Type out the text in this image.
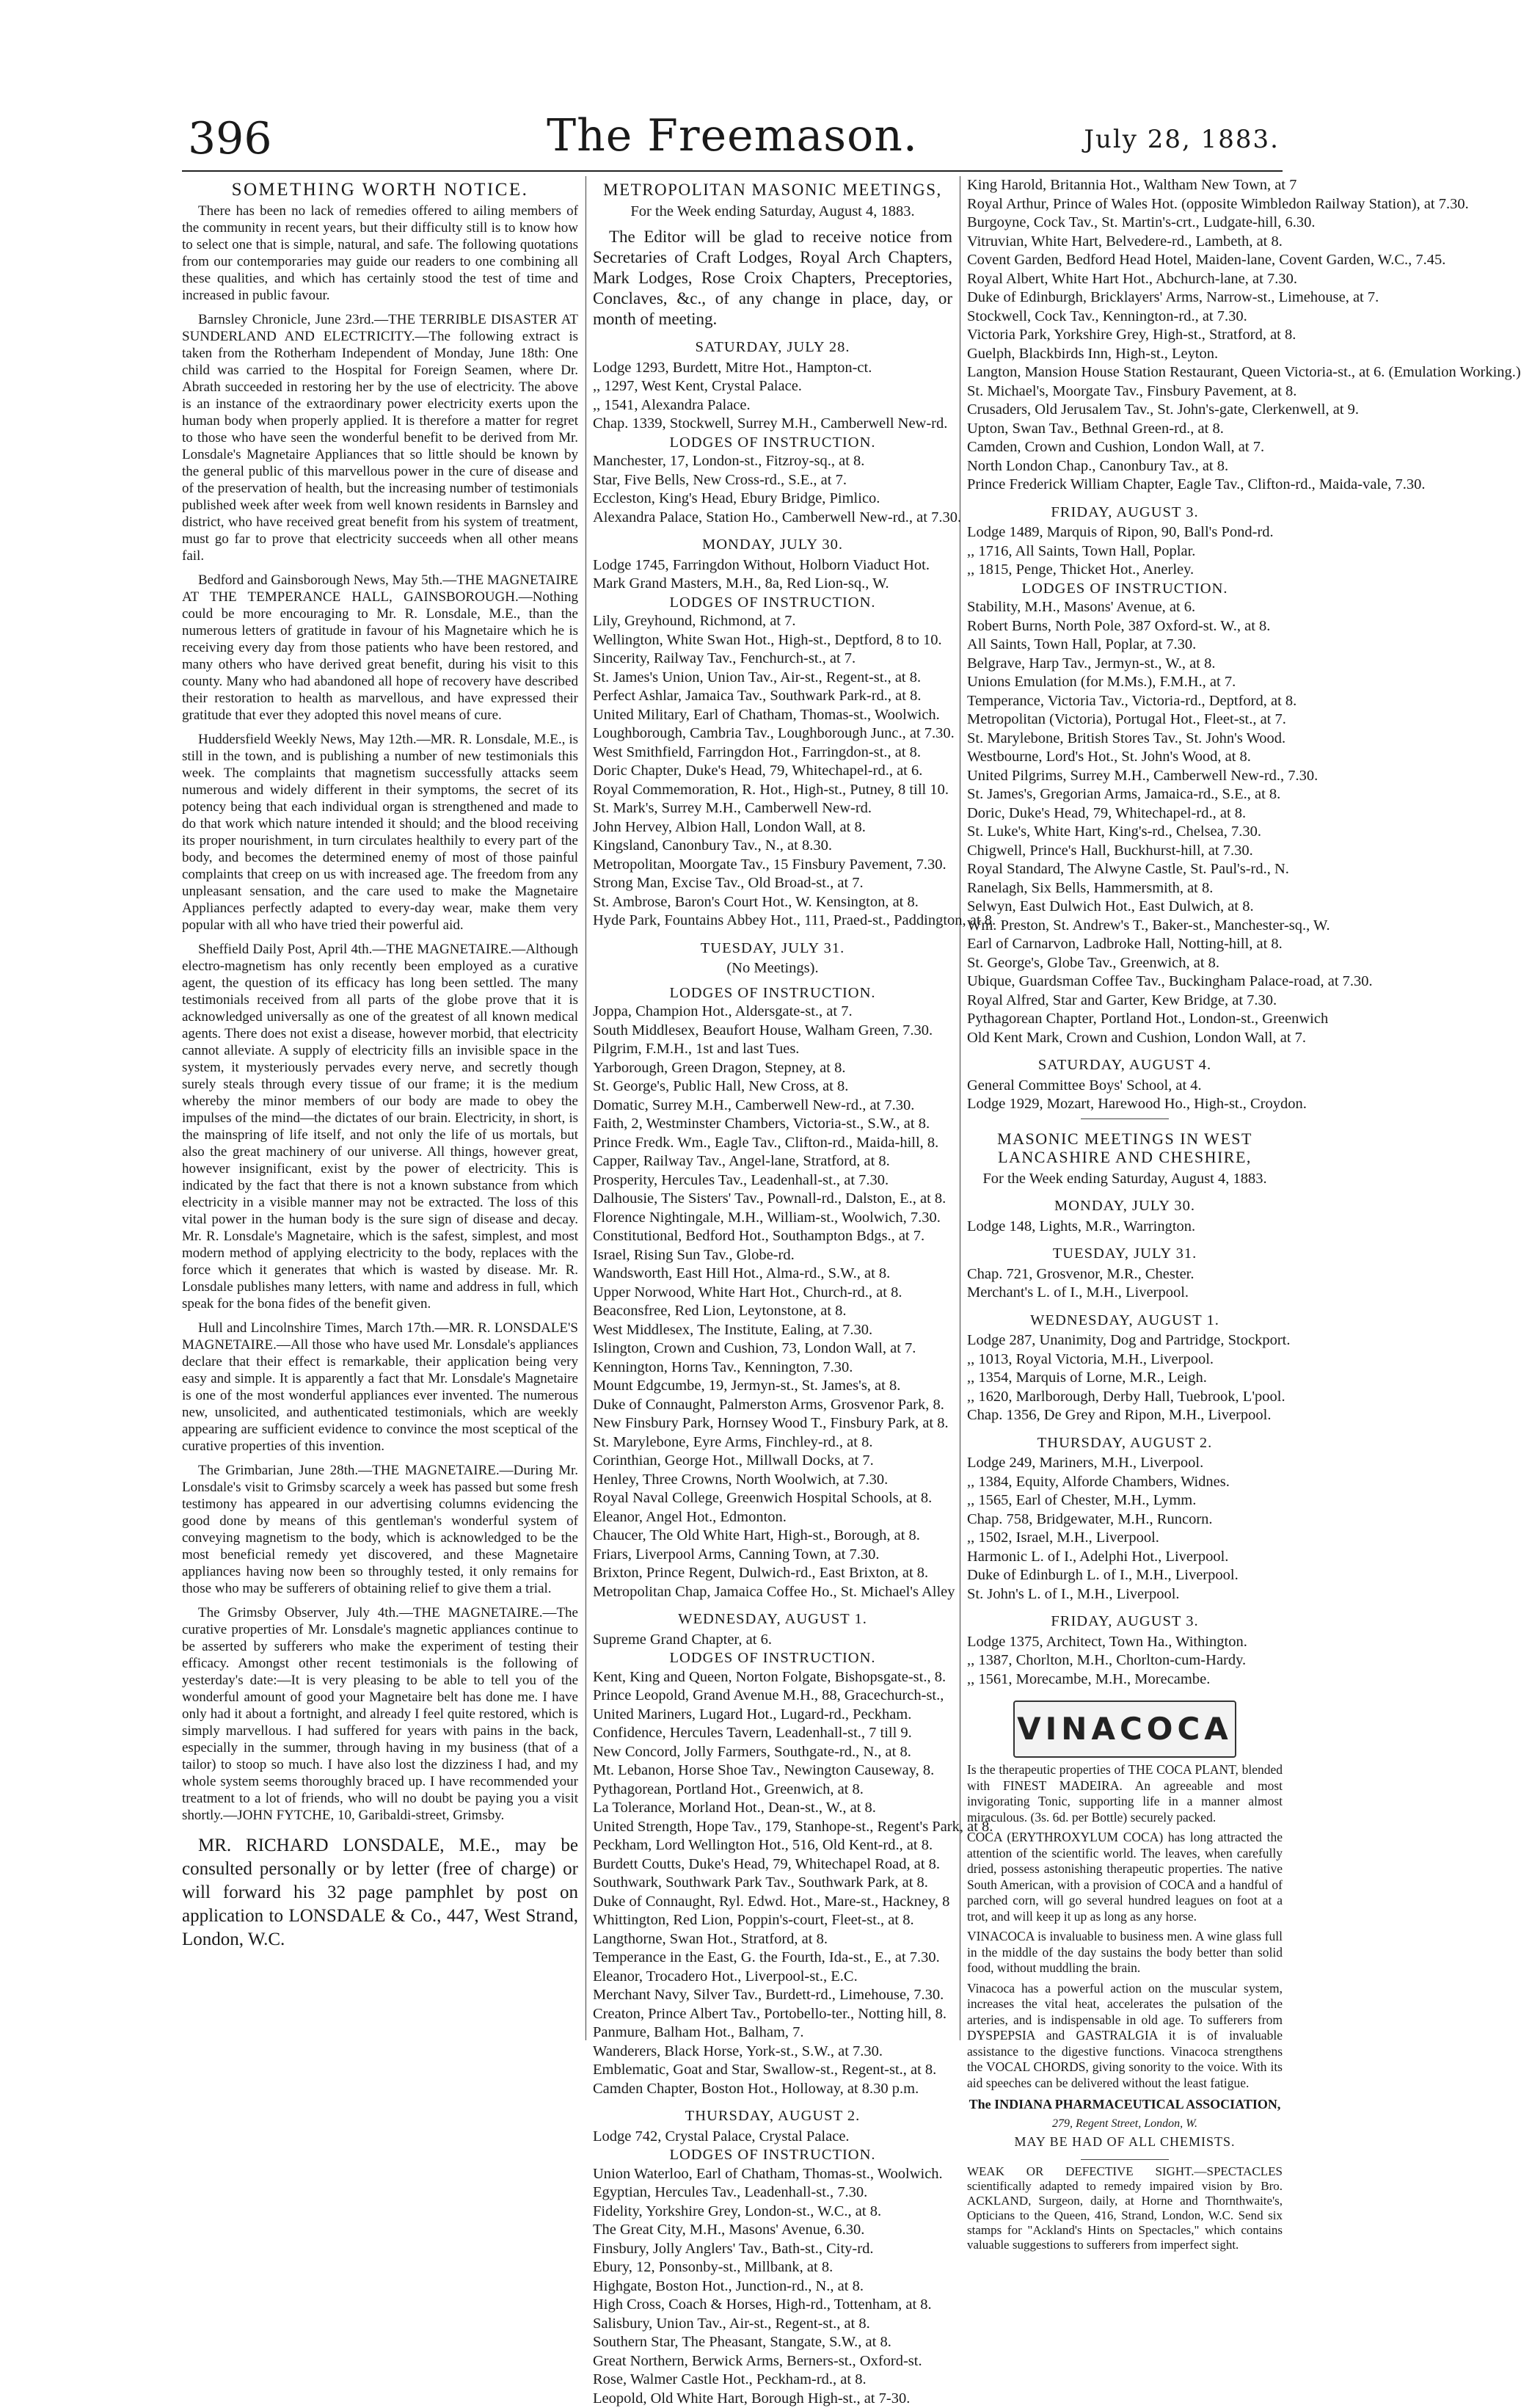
396	The Freemason.	July 28, 1883.
SOMETHING WORTH NOTICE.

There has been no lack of remedies offered to ailing members of the community in recent years, but their difficulty still is to know how to select one that is simple, natural, and safe. The following quotations from our contemporaries may guide our readers to one combining all these qualities, and which has certainly stood the test of time and increased in public favour.

Barnsley Chronicle, June 23rd.—THE TERRIBLE DISASTER AT SUNDERLAND AND ELECTRICITY.—The following extract is taken from the Rotherham Independent of Monday, June 18th: One child was carried to the Hospital for Foreign Seamen, where Dr. Abrath succeeded in restoring her by the use of electricity. The above is an instance of the extraordinary power electricity exerts upon the human body when properly applied. It is therefore a matter for regret to those who have seen the wonderful benefit to be derived from Mr. Lonsdale's Magnetaire Appliances that so little should be known by the general public of this marvellous power in the cure of disease and of the preservation of health, but the increasing number of testimonials published week after week from well known residents in Barnsley and district, who have received great benefit from his system of treatment, must go far to prove that electricity succeeds when all other means fail.

Bedford and Gainsborough News, May 5th.—THE MAGNETAIRE AT THE TEMPERANCE HALL, GAINSBOROUGH.—Nothing could be more encouraging to Mr. R. Lonsdale, M.E., than the numerous letters of gratitude in favour of his Magnetaire which he is receiving every day from those patients who have been restored, and many others who have derived great benefit, during his visit to this county. Many who had abandoned all hope of recovery have described their restoration to health as marvellous, and have expressed their gratitude that ever they adopted this novel means of cure.

Huddersfield Weekly News, May 12th.—MR. R. Lonsdale, M.E., is still in the town, and is publishing a number of new testimonials this week. The complaints that magnetism successfully attacks seem numerous and widely different in their symptoms, the secret of its potency being that each individual organ is strengthened and made to do that work which nature intended it should; and the blood receiving its proper nourishment, in turn circulates healthily to every part of the body, and becomes the determined enemy of most of those painful complaints that creep on us with increased age. The freedom from any unpleasant sensation, and the care used to make the Magnetaire Appliances perfectly adapted to every-day wear, make them very popular with all who have tried their powerful aid.

Sheffield Daily Post, April 4th.—THE MAGNETAIRE.—Although electro-magnetism has only recently been employed as a curative agent, the question of its efficacy has long been settled. The many testimonials received from all parts of the globe prove that it is acknowledged universally as one of the greatest of all known medical agents. There does not exist a disease, however morbid, that electricity cannot alleviate. A supply of electricity fills an invisible space in the system, it mysteriously pervades every nerve, and secretly though surely steals through every tissue of our frame; it is the medium whereby the minor members of our body are made to obey the impulses of the mind—the dictates of our brain. Electricity, in short, is the mainspring of life itself, and not only the life of us mortals, but also the great machinery of our universe. All things, however great, however insignificant, exist by the power of electricity. This is indicated by the fact that there is not a known substance from which electricity in a visible manner may not be extracted. The loss of this vital power in the human body is the sure sign of disease and decay. Mr. R. Lonsdale's Magnetaire, which is the safest, simplest, and most modern method of applying electricity to the body, replaces with the force which it generates that which is wasted by disease. Mr. R. Lonsdale publishes many letters, with name and address in full, which speak for the bona fides of the benefit given.

Hull and Lincolnshire Times, March 17th.—MR. R. LONSDALE'S MAGNETAIRE.—All those who have used Mr. Lonsdale's appliances declare that their effect is remarkable, their application being very easy and simple. It is apparently a fact that Mr. Lonsdale's Magnetaire is one of the most wonderful appliances ever invented. The numerous new, unsolicited, and authenticated testimonials, which are weekly appearing are sufficient evidence to convince the most sceptical of the curative properties of this invention.

The Grimbarian, June 28th.—THE MAGNETAIRE.—During Mr. Lonsdale's visit to Grimsby scarcely a week has passed but some fresh testimony has appeared in our advertising columns evidencing the good done by means of this gentleman's wonderful system of conveying magnetism to the body, which is acknowledged to be the most beneficial remedy yet discovered, and these Magnetaire appliances having now been so throughly tested, it only remains for those who may be sufferers of obtaining relief to give them a trial.

The Grimsby Observer, July 4th.—THE MAGNETAIRE.—The curative properties of Mr. Lonsdale's magnetic appliances continue to be asserted by sufferers who make the experiment of testing their efficacy. Amongst other recent testimonials is the following of yesterday's date:—It is very pleasing to be able to tell you of the wonderful amount of good your Magnetaire belt has done me. I have only had it about a fortnight, and already I feel quite restored, which is simply marvellous. I had suffered for years with pains in the back, especially in the summer, through having in my business (that of a tailor) to stoop so much. I have also lost the dizziness I had, and my whole system seems thoroughly braced up. I have recommended your treatment to a lot of friends, who will no doubt be paying you a visit shortly.—JOHN FYTCHE, 10, Garibaldi-street, Grimsby.

MR. RICHARD LONSDALE, M.E., may be consulted personally or by letter (free of charge) or will forward his 32 page pamphlet by post on application to LONSDALE & Co., 447, West Strand, London, W.C.

METROPOLITAN MASONIC MEETINGS,
For the Week ending Saturday, August 4, 1883.

The Editor will be glad to receive notice from Secretaries of Craft Lodges, Royal Arch Chapters, Mark Lodges, Rose Croix Chapters, Preceptories, Conclaves, &c., of any change in place, day, or month of meeting.

SATURDAY, JULY 28.
Lodge 1293, Burdett, Mitre Hot., Hampton-ct.
,, 1297, West Kent, Crystal Palace.
,, 1541, Alexandra Palace.
Chap. 1339, Stockwell, Surrey M.H., Camberwell New-rd.
LODGES OF INSTRUCTION.
Manchester, 17, London-st., Fitzroy-sq., at 8.
Star, Five Bells, New Cross-rd., S.E., at 7.
Eccleston, King's Head, Ebury Bridge, Pimlico.
Alexandra Palace, Station Ho., Camberwell New-rd., at 7.30.
MONDAY, JULY 30.
Lodge 1745, Farringdon Without, Holborn Viaduct Hot.
Mark Grand Masters, M.H., 8a, Red Lion-sq., W.
LODGES OF INSTRUCTION.
Lily, Greyhound, Richmond, at 7.
Wellington, White Swan Hot., High-st., Deptford, 8 to 10.
Sincerity, Railway Tav., Fenchurch-st., at 7.
St. James's Union, Union Tav., Air-st., Regent-st., at 8.
Perfect Ashlar, Jamaica Tav., Southwark Park-rd., at 8.
United Military, Earl of Chatham, Thomas-st., Woolwich.
Loughborough, Cambria Tav., Loughborough Junc., at 7.30.
West Smithfield, Farringdon Hot., Farringdon-st., at 8.
Doric Chapter, Duke's Head, 79, Whitechapel-rd., at 6.
Royal Commemoration, R. Hot., High-st., Putney, 8 till 10.
St. Mark's, Surrey M.H., Camberwell New-rd.
John Hervey, Albion Hall, London Wall, at 8.
Kingsland, Canonbury Tav., N., at 8.30.
Metropolitan, Moorgate Tav., 15 Finsbury Pavement, 7.30.
Strong Man, Excise Tav., Old Broad-st., at 7.
St. Ambrose, Baron's Court Hot., W. Kensington, at 8.
Hyde Park, Fountains Abbey Hot., 111, Praed-st., Paddington, at 8.
TUESDAY, JULY 31.
(No Meetings).
LODGES OF INSTRUCTION.
Joppa, Champion Hot., Aldersgate-st., at 7.
South Middlesex, Beaufort House, Walham Green, 7.30.
Pilgrim, F.M.H., 1st and last Tues.
Yarborough, Green Dragon, Stepney, at 8.
St. George's, Public Hall, New Cross, at 8.
Domatic, Surrey M.H., Camberwell New-rd., at 7.30.
Faith, 2, Westminster Chambers, Victoria-st., S.W., at 8.
Prince Fredk. Wm., Eagle Tav., Clifton-rd., Maida-hill, 8.
Capper, Railway Tav., Angel-lane, Stratford, at 8.
Prosperity, Hercules Tav., Leadenhall-st., at 7.30.
Dalhousie, The Sisters' Tav., Pownall-rd., Dalston, E., at 8.
Florence Nightingale, M.H., William-st., Woolwich, 7.30.
Constitutional, Bedford Hot., Southampton Bdgs., at 7.
Israel, Rising Sun Tav., Globe-rd.
Wandsworth, East Hill Hot., Alma-rd., S.W., at 8.
Upper Norwood, White Hart Hot., Church-rd., at 8.
Beaconsfree, Red Lion, Leytonstone, at 8.
West Middlesex, The Institute, Ealing, at 7.30.
Islington, Crown and Cushion, 73, London Wall, at 7.
Kennington, Horns Tav., Kennington, 7.30.
Mount Edgcumbe, 19, Jermyn-st., St. James's, at 8.
Duke of Connaught, Palmerston Arms, Grosvenor Park, 8.
New Finsbury Park, Hornsey Wood T., Finsbury Park, at 8.
St. Marylebone, Eyre Arms, Finchley-rd., at 8.
Corinthian, George Hot., Millwall Docks, at 7.
Henley, Three Crowns, North Woolwich, at 7.30.
Royal Naval College, Greenwich Hospital Schools, at 8.
Eleanor, Angel Hot., Edmonton.
Chaucer, The Old White Hart, High-st., Borough, at 8.
Friars, Liverpool Arms, Canning Town, at 7.30.
Brixton, Prince Regent, Dulwich-rd., East Brixton, at 8.
Metropolitan Chap, Jamaica Coffee Ho., St. Michael's Alley
WEDNESDAY, AUGUST 1.
Supreme Grand Chapter, at 6.
LODGES OF INSTRUCTION.
Kent, King and Queen, Norton Folgate, Bishopsgate-st., 8.
Prince Leopold, Grand Avenue M.H., 88, Gracechurch-st.,
United Mariners, Lugard Hot., Lugard-rd., Peckham.
Confidence, Hercules Tavern, Leadenhall-st., 7 till 9.
New Concord, Jolly Farmers, Southgate-rd., N., at 8.
Mt. Lebanon, Horse Shoe Tav., Newington Causeway, 8.
Pythagorean, Portland Hot., Greenwich, at 8.
La Tolerance, Morland Hot., Dean-st., W., at 8.
United Strength, Hope Tav., 179, Stanhope-st., Regent's Park, at 8.
Peckham, Lord Wellington Hot., 516, Old Kent-rd., at 8.
Burdett Coutts, Duke's Head, 79, Whitechapel Road, at 8.
Southwark, Southwark Park Tav., Southwark Park, at 8.
Duke of Connaught, Ryl. Edwd. Hot., Mare-st., Hackney, 8
Whittington, Red Lion, Poppin's-court, Fleet-st., at 8.
Langthorne, Swan Hot., Stratford, at 8.
Temperance in the East, G. the Fourth, Ida-st., E., at 7.30.
Eleanor, Trocadero Hot., Liverpool-st., E.C.
Merchant Navy, Silver Tav., Burdett-rd., Limehouse, 7.30.
Creaton, Prince Albert Tav., Portobello-ter., Notting hill, 8.
Panmure, Balham Hot., Balham, 7.
Wanderers, Black Horse, York-st., S.W., at 7.30.
Emblematic, Goat and Star, Swallow-st., Regent-st., at 8.
Camden Chapter, Boston Hot., Holloway, at 8.30 p.m.
THURSDAY, AUGUST 2.
Lodge 742, Crystal Palace, Crystal Palace.
LODGES OF INSTRUCTION.
Union Waterloo, Earl of Chatham, Thomas-st., Woolwich.
Egyptian, Hercules Tav., Leadenhall-st., 7.30.
Fidelity, Yorkshire Grey, London-st., W.C., at 8.
The Great City, M.H., Masons' Avenue, 6.30.
Finsbury, Jolly Anglers' Tav., Bath-st., City-rd.
Ebury, 12, Ponsonby-st., Millbank, at 8.
Highgate, Boston Hot., Junction-rd., N., at 8.
High Cross, Coach & Horses, High-rd., Tottenham, at 8.
Salisbury, Union Tav., Air-st., Regent-st., at 8.
Southern Star, The Pheasant, Stangate, S.W., at 8.
Great Northern, Berwick Arms, Berners-st., Oxford-st.
Rose, Walmer Castle Hot., Peckham-rd., at 8.
Leopold, Old White Hart, Borough High-st., at 7-30.
King Harold, Britannia Hot., Waltham New Town, at 7
Royal Arthur, Prince of Wales Hot. (opposite Wimbledon Railway Station), at 7.30.
Burgoyne, Cock Tav., St. Martin's-crt., Ludgate-hill, 6.30.
Vitruvian, White Hart, Belvedere-rd., Lambeth, at 8.
Covent Garden, Bedford Head Hotel, Maiden-lane, Covent Garden, W.C., 7.45.
Royal Albert, White Hart Hot., Abchurch-lane, at 7.30.
Duke of Edinburgh, Bricklayers' Arms, Narrow-st., Limehouse, at 7.
Stockwell, Cock Tav., Kennington-rd., at 7.30.
Victoria Park, Yorkshire Grey, High-st., Stratford, at 8.
Guelph, Blackbirds Inn, High-st., Leyton.
Langton, Mansion House Station Restaurant, Queen Victoria-st., at 6. (Emulation Working.)
St. Michael's, Moorgate Tav., Finsbury Pavement, at 8.
Crusaders, Old Jerusalem Tav., St. John's-gate, Clerkenwell, at 9.
Upton, Swan Tav., Bethnal Green-rd., at 8.
Camden, Crown and Cushion, London Wall, at 7.
North London Chap., Canonbury Tav., at 8.
Prince Frederick William Chapter, Eagle Tav., Clifton-rd., Maida-vale, 7.30.
FRIDAY, AUGUST 3.
Lodge 1489, Marquis of Ripon, 90, Ball's Pond-rd.
,, 1716, All Saints, Town Hall, Poplar.
,, 1815, Penge, Thicket Hot., Anerley.
LODGES OF INSTRUCTION.
Stability, M.H., Masons' Avenue, at 6.
Robert Burns, North Pole, 387 Oxford-st. W., at 8.
All Saints, Town Hall, Poplar, at 7.30.
Belgrave, Harp Tav., Jermyn-st., W., at 8.
Unions Emulation (for M.Ms.), F.M.H., at 7.
Temperance, Victoria Tav., Victoria-rd., Deptford, at 8.
Metropolitan (Victoria), Portugal Hot., Fleet-st., at 7.
St. Marylebone, British Stores Tav., St. John's Wood.
Westbourne, Lord's Hot., St. John's Wood, at 8.
United Pilgrims, Surrey M.H., Camberwell New-rd., 7.30.
St. James's, Gregorian Arms, Jamaica-rd., S.E., at 8.
Doric, Duke's Head, 79, Whitechapel-rd., at 8.
St. Luke's, White Hart, King's-rd., Chelsea, 7.30.
Chigwell, Prince's Hall, Buckhurst-hill, at 7.30.
Royal Standard, The Alwyne Castle, St. Paul's-rd., N.
Ranelagh, Six Bells, Hammersmith, at 8.
Selwyn, East Dulwich Hot., East Dulwich, at 8.
Wm. Preston, St. Andrew's T., Baker-st., Manchester-sq., W.
Earl of Carnarvon, Ladbroke Hall, Notting-hill, at 8.
St. George's, Globe Tav., Greenwich, at 8.
Ubique, Guardsman Coffee Tav., Buckingham Palace-road, at 7.30.
Royal Alfred, Star and Garter, Kew Bridge, at 7.30.
Pythagorean Chapter, Portland Hot., London-st., Greenwich
Old Kent Mark, Crown and Cushion, London Wall, at 7.
SATURDAY, AUGUST 4.
General Committee Boys' School, at 4.
Lodge 1929, Mozart, Harewood Ho., High-st., Croydon.
MASONIC MEETINGS IN WEST LANCASHIRE AND CHESHIRE,
For the Week ending Saturday, August 4, 1883.
MONDAY, JULY 30.
Lodge 148, Lights, M.R., Warrington.
TUESDAY, JULY 31.
Chap. 721, Grosvenor, M.R., Chester.
Merchant's L. of I., M.H., Liverpool.
WEDNESDAY, AUGUST 1.
Lodge 287, Unanimity, Dog and Partridge, Stockport.
,, 1013, Royal Victoria, M.H., Liverpool.
,, 1354, Marquis of Lorne, M.R., Leigh.
,, 1620, Marlborough, Derby Hall, Tuebrook, L'pool.
Chap. 1356, De Grey and Ripon, M.H., Liverpool.
THURSDAY, AUGUST 2.
Lodge 249, Mariners, M.H., Liverpool.
,, 1384, Equity, Alforde Chambers, Widnes.
,, 1565, Earl of Chester, M.H., Lymm.
Chap. 758, Bridgewater, M.H., Runcorn.
,, 1502, Israel, M.H., Liverpool.
Harmonic L. of I., Adelphi Hot., Liverpool.
Duke of Edinburgh L. of I., M.H., Liverpool.
St. John's L. of I., M.H., Liverpool.
FRIDAY, AUGUST 3.
Lodge 1375, Architect, Town Ha., Withington.
,, 1387, Chorlton, M.H., Chorlton-cum-Hardy.
,, 1561, Morecambe, M.H., Morecambe.
VINACOCA

Is the therapeutic properties of THE COCA PLANT, blended with FINEST MADEIRA. An agreeable and most invigorating Tonic, supporting life in a manner almost miraculous. (3s. 6d. per Bottle) securely packed.

COCA (ERYTHROXYLUM COCA) has long attracted the attention of the scientific world. The leaves, when carefully dried, possess astonishing therapeutic properties. The native South American, with a provision of COCA and a handful of parched corn, will go several hundred leagues on foot at a trot, and will keep it up as long as any horse.

VINACOCA is invaluable to business men. A wine glass full in the middle of the day sustains the body better than solid food, without muddling the brain.

Vinacoca has a powerful action on the muscular system, increases the vital heat, accelerates the pulsation of the arteries, and is indispensable in old age. To sufferers from DYSPEPSIA and GASTRALGIA it is of invaluable assistance to the digestive functions. Vinacoca strengthens the VOCAL CHORDS, giving sonority to the voice. With its aid speeches can be delivered without the least fatigue.

The INDIANA PHARMACEUTICAL ASSOCIATION,
279, Regent Street, London, W.
MAY BE HAD OF ALL CHEMISTS.

WEAK OR DEFECTIVE SIGHT.—SPECTACLES scientifically adapted to remedy impaired vision by Bro. ACKLAND, Surgeon, daily, at Horne and Thornthwaite's, Opticians to the Queen, 416, Strand, London, W.C. Send six stamps for "Ackland's Hints on Spectacles," which contains valuable suggestions to sufferers from imperfect sight.
